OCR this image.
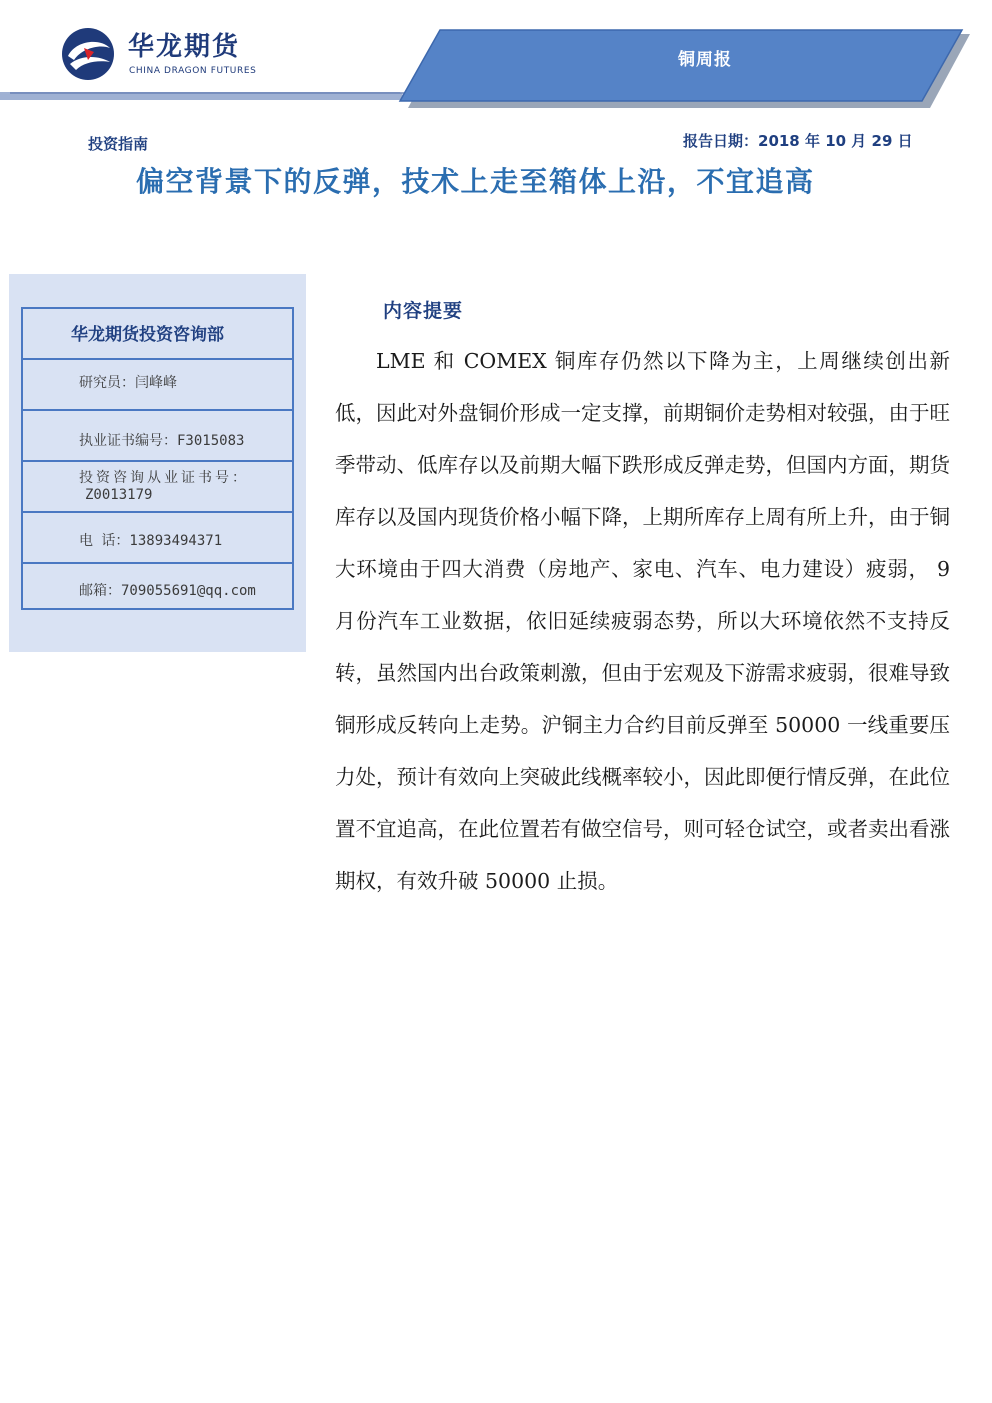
华龙期货
CHINA DRAGON FUTURES
铜周报
投资指南	报告日期：2018 年 10 月 29 日
偏空背景下的反弹，技术上走至箱体上沿，不宜追高
华龙期货投资咨询部
研究员：闫峰峰
执业证书编号：F3015083
投资咨询从业证书号：
Z0013179
电 话：13893494371
邮箱：709055691@qq.com
内容提要
LME 和 COMEX 铜库存仍然以下降为主，上周继续创出新低，因此对外盘铜价形成一定支撑，前期铜价走势相对较强，由于旺季带动、低库存以及前期大幅下跌形成反弹走势，但国内方面，期货库存以及国内现货价格小幅下降，上期所库存上周有所上升，由于铜大环境由于四大消费（房地产、家电、汽车、电力建设）疲弱， 9 月份汽车工业数据，依旧延续疲弱态势，所以大环境依然不支持反转，虽然国内出台政策刺激，但由于宏观及下游需求疲弱，很难导致铜形成反转向上走势。沪铜主力合约目前反弹至 50000 一线重要压力处，预计有效向上突破此线概率较小，因此即便行情反弹，在此位置不宜追高，在此位置若有做空信号，则可轻仓试空，或者卖出看涨期权，有效升破 50000 止损。
